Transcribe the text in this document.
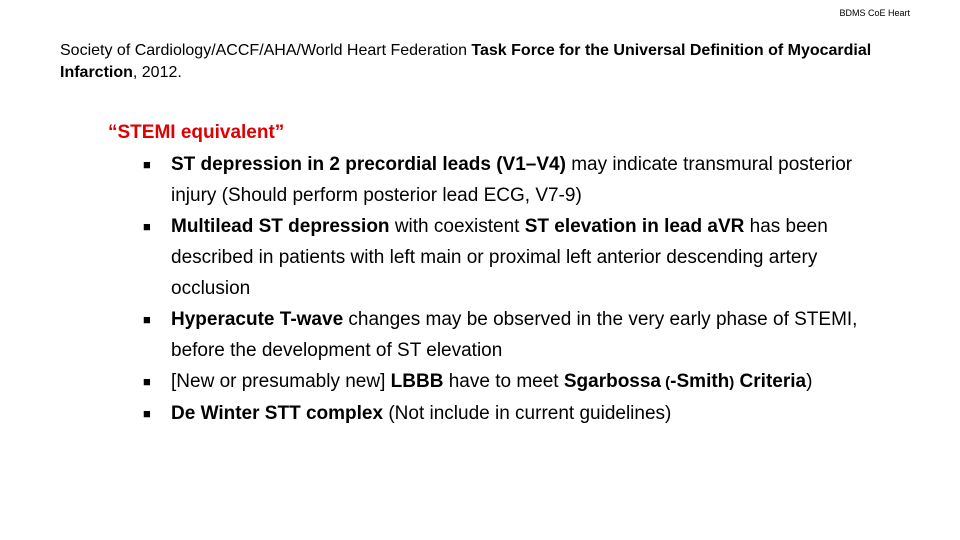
BDMS CoE Heart

Society of Cardiology/ACCF/AHA/World Heart Federation Task Force for the Universal Definition of Myocardial Infarction, 2012.

“STEMI equivalent”

■ ST depression in 2 precordial leads (V1–V4) may indicate transmural posterior injury (Should perform posterior lead ECG, V7-9)
■ Multilead ST depression with coexistent ST elevation in lead aVR has been described in patients with left main or proximal left anterior descending artery occlusion
■ Hyperacute T-wave changes may be observed in the very early phase of STEMI, before the development of ST elevation
■ [New or presumably new] LBBB have to meet Sgarbossa (-Smith) Criteria)
■ De Winter STT complex (Not include in current guidelines)
